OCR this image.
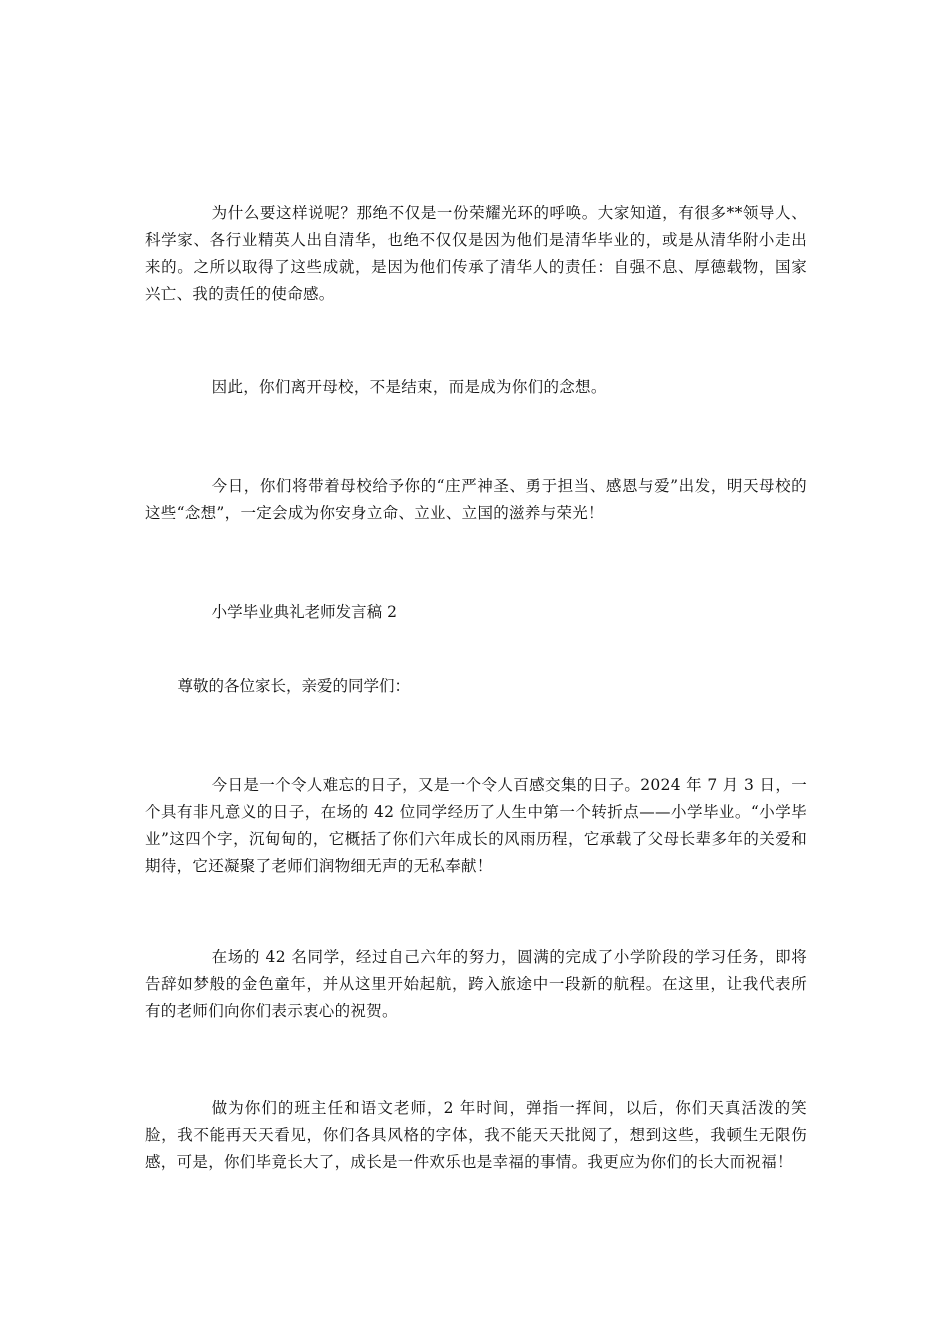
为什么要这样说呢？那绝不仅是一份荣耀光环的呼唤。大家知道，有很多**领导人、科学家、各行业精英人出自清华，也绝不仅仅是因为他们是清华毕业的，或是从清华附小走出来的。之所以取得了这些成就，是因为他们传承了清华人的责任：自强不息、厚德载物，国家兴亡、我的责任的使命感。

因此，你们离开母校，不是结束，而是成为你们的念想。

今日，你们将带着母校给予你的“庄严神圣、勇于担当、感恩与爱”出发，明天母校的这些“念想”，一定会成为你安身立命、立业、立国的滋养与荣光！

小学毕业典礼老师发言稿 2

尊敬的各位家长，亲爱的同学们：

今日是一个令人难忘的日子，又是一个令人百感交集的日子。2024 年 7 月 3 日，一个具有非凡意义的日子，在场的 42 位同学经历了人生中第一个转折点——小学毕业。“小学毕业”这四个字，沉甸甸的，它概括了你们六年成长的风雨历程，它承载了父母长辈多年的关爱和期待，它还凝聚了老师们润物细无声的无私奉献！

在场的 42 名同学，经过自己六年的努力，圆满的完成了小学阶段的学习任务，即将告辞如梦般的金色童年，并从这里开始起航，跨入旅途中一段新的航程。在这里，让我代表所有的老师们向你们表示衷心的祝贺。

做为你们的班主任和语文老师，2 年时间，弹指一挥间，以后，你们天真活泼的笑脸，我不能再天天看见，你们各具风格的字体，我不能天天批阅了，想到这些，我顿生无限伤感，可是，你们毕竟长大了，成长是一件欢乐也是幸福的事情。我更应为你们的长大而祝福！
